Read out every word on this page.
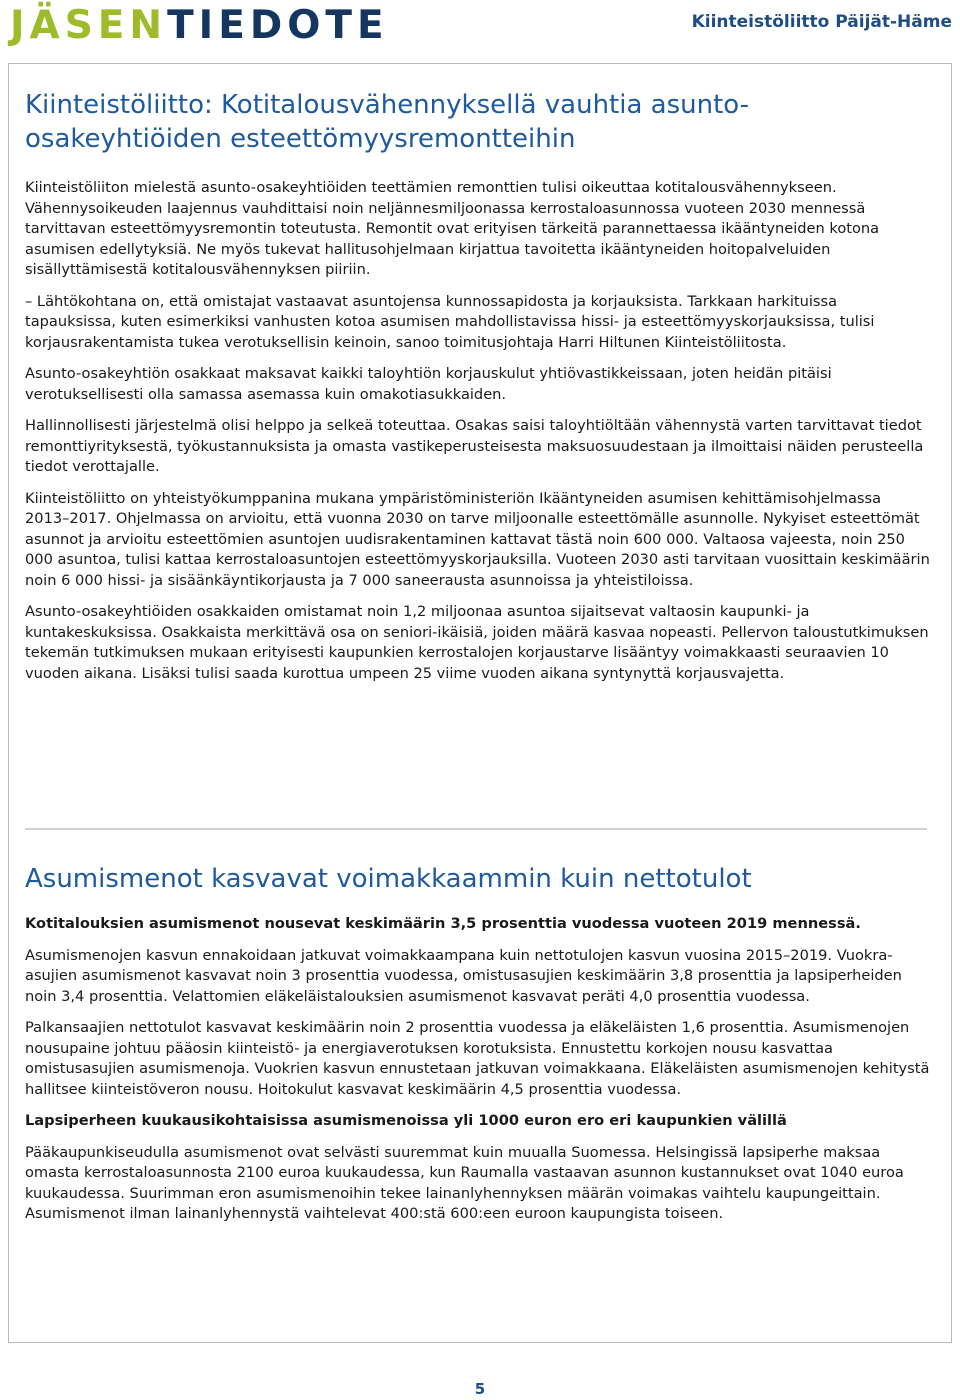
JÄSENTIEDOTE	Kiinteistöliitto Päijät-Häme
Kiinteistöliitto: Kotitalousvähennyksellä vauhtia asunto-osakeyhtiöiden esteettömyysremontteihin

Kiinteistöliiton mielestä asunto-osakeyhtiöiden teettämien remonttien tulisi oikeuttaa kotitalousvähennykseen. Vähennysoikeuden laajennus vauhdittaisi noin neljännesmiljoonassa kerrostaloasunnossa vuoteen 2030 mennessä tarvittavan esteettömyysremontin toteutusta. Remontit ovat erityisen tärkeitä parannettaessa ikääntyneiden kotona asumisen edellytyksiä. Ne myös tukevat hallitusohjelmaan kirjattua tavoitetta ikääntyneiden hoitopalveluiden sisällyttämisestä kotitalousvähennyksen piiriin.

– Lähtökohtana on, että omistajat vastaavat asuntojensa kunnossapidosta ja korjauksista. Tarkkaan harkituissa tapauksissa, kuten esimerkiksi vanhusten kotoa asumisen mahdollistavissa hissi- ja esteettömyyskorjauksissa, tulisi korjausrakentamista tukea verotuksellisin keinoin, sanoo toimitusjohtaja Harri Hiltunen Kiinteistöliitosta.

Asunto-osakeyhtiön osakkaat maksavat kaikki taloyhtiön korjauskulut yhtiövastikkeissaan, joten heidän pitäisi verotuksellisesti olla samassa asemassa kuin omakotiasukkaiden.

Hallinnollisesti järjestelmä olisi helppo ja selkeä toteuttaa. Osakas saisi taloyhtiöltään vähennystä varten tarvittavat tiedot remonttiyrityksestä, työkustannuksista ja omasta vastikeperusteisesta maksuosuudestaan ja ilmoittaisi näiden perusteella tiedot verottajalle.

Kiinteistöliitto on yhteistyökumppanina mukana ympäristöministeriön Ikääntyneiden asumisen kehittämisohjelmassa 2013–2017. Ohjelmassa on arvioitu, että vuonna 2030 on tarve miljoonalle esteettömälle asunnolle. Nykyiset esteettömät asunnot ja arvioitu esteettömien asuntojen uudisrakentaminen kattavat tästä noin 600 000. Valtaosa vajeesta, noin 250 000 asuntoa, tulisi kattaa kerrostaloasuntojen esteettömyyskorjauksilla. Vuoteen 2030 asti tarvitaan vuosittain keskimäärin noin 6 000 hissi- ja sisäänkäyntikorjausta ja 7 000 saneerausta asunnoissa ja yhteistiloissa.

Asunto-osakeyhtiöiden osakkaiden omistamat noin 1,2 miljoonaa asuntoa sijaitsevat valtaosin kaupunki- ja kuntakeskuksissa. Osakkaista merkittävä osa on seniori-ikäisiä, joiden määrä kasvaa nopeasti. Pellervon taloustutkimuksen tekemän tutkimuksen mukaan erityisesti kaupunkien kerrostalojen korjaustarve lisääntyy voimakkaasti seuraavien 10 vuoden aikana. Lisäksi tulisi saada kurottua umpeen 25 viime vuoden aikana syntynyttä korjausvajetta.

Asumismenot kasvavat voimakkaammin kuin nettotulot

Kotitalouksien asumismenot nousevat keskimäärin 3,5 prosenttia vuodessa vuoteen 2019 mennessä.

Asumismenojen kasvun ennakoidaan jatkuvat voimakkaampana kuin nettotulojen kasvun vuosina 2015–2019. Vuokra-asujien asumismenot kasvavat noin 3 prosenttia vuodessa, omistusasujien keskimäärin 3,8 prosenttia ja lapsiperheiden noin 3,4 prosenttia. Velattomien eläkeläistalouksien asumismenot kasvavat peräti 4,0 prosenttia vuodessa.

Palkansaajien nettotulot kasvavat keskimäärin noin 2 prosenttia vuodessa ja eläkeläisten 1,6 prosenttia. Asumismenojen nousupaine johtuu pääosin kiinteistö- ja energiaverotuksen korotuksista. Ennustettu korkojen nousu kasvattaa omistusasujien asumismenoja. Vuokrien kasvun ennustetaan jatkuvan voimakkaana. Eläkeläisten asumismenojen kehitystä hallitsee kiinteistöveron nousu. Hoitokulut kasvavat keskimäärin 4,5 prosenttia vuodessa.

Lapsiperheen kuukausikohtaisissa asumismenoissa yli 1000 euron ero eri kaupunkien välillä

Pääkaupunkiseudulla asumismenot ovat selvästi suuremmat kuin muualla Suomessa. Helsingissä lapsiperhe maksaa omasta kerrostaloasunnosta 2100 euroa kuukaudessa, kun Raumalla vastaavan asunnon kustannukset ovat 1040 euroa kuukaudessa. Suurimman eron asumismenoihin tekee lainanlyhennyksen määrän voimakas vaihtelu kaupungeittain. Asumismenot ilman lainanlyhennystä vaihtelevat 400:stä 600:een euroon kaupungista toiseen.

5
